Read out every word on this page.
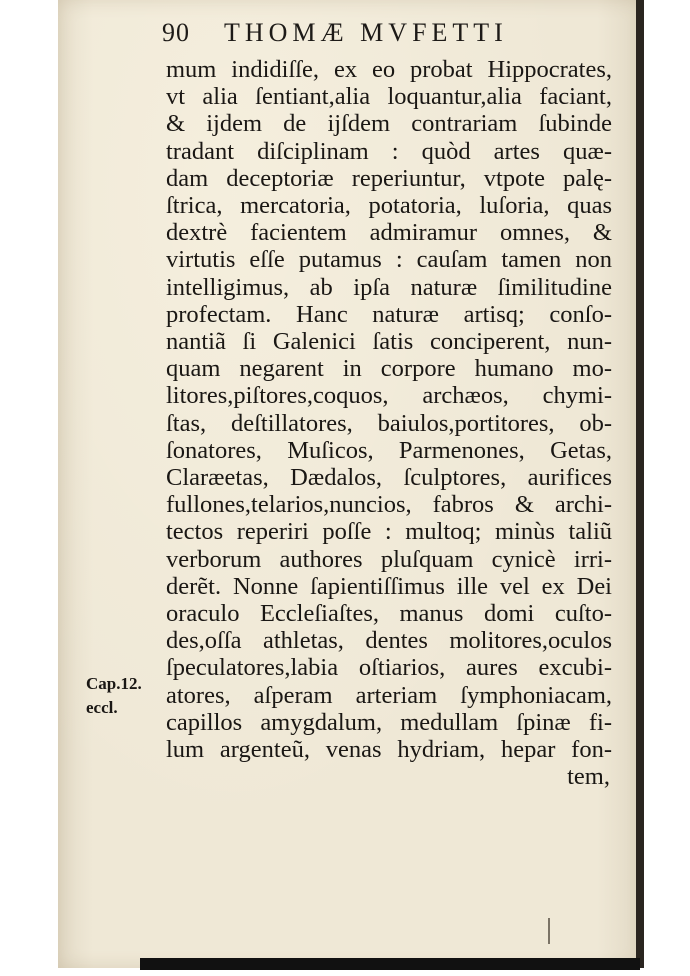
90 THOMÆ MVFETTI
mum indidiſſe, ex eo probat Hippocrates,
vt alia ſentiant,alia loquantur,alia faciant,
& ijdem de ijſdem contrariam ſubinde
tradant diſciplinam : quòd artes quæ-
dam deceptoriæ reperiuntur, vtpote palę-
ſtrica, mercatoria, potatoria, luſoria, quas
dextrè facientem admiramur omnes, &
virtutis eſſe putamus : cauſam tamen non
intelligimus, ab ipſa naturæ ſimilitudine
profectam. Hanc naturæ artisq; conſo-
nantiã ſi Galenici ſatis conciperent, nun-
quam negarent in corpore humano mo-
litores,piſtores,coquos, archæos, chymi-
ſtas, deſtillatores, baiulos,portitores, ob-
ſonatores, Muſicos, Parmenones, Getas,
Claræetas, Dædalos, ſculptores, aurifices
fullones,telarios,nuncios, fabros & archi-
tectos reperiri poſſe : multoq; minùs taliũ
verborum authores pluſquam cynicè irri-
derẽt. Nonne ſapientiſſimus ille vel ex Dei
oraculo Eccleſiaſtes, manus domi cuſto-
des,oſſa athletas, dentes molitores,oculos
ſpeculatores,labia oſtiarios, aures excubi-
atores, aſperam arteriam ſymphoniacam,
capillos amygdalum, medullam ſpinæ fi-
lum argenteũ, venas hydriam, hepar fon-
tem,
Cap.12.
eccl.
